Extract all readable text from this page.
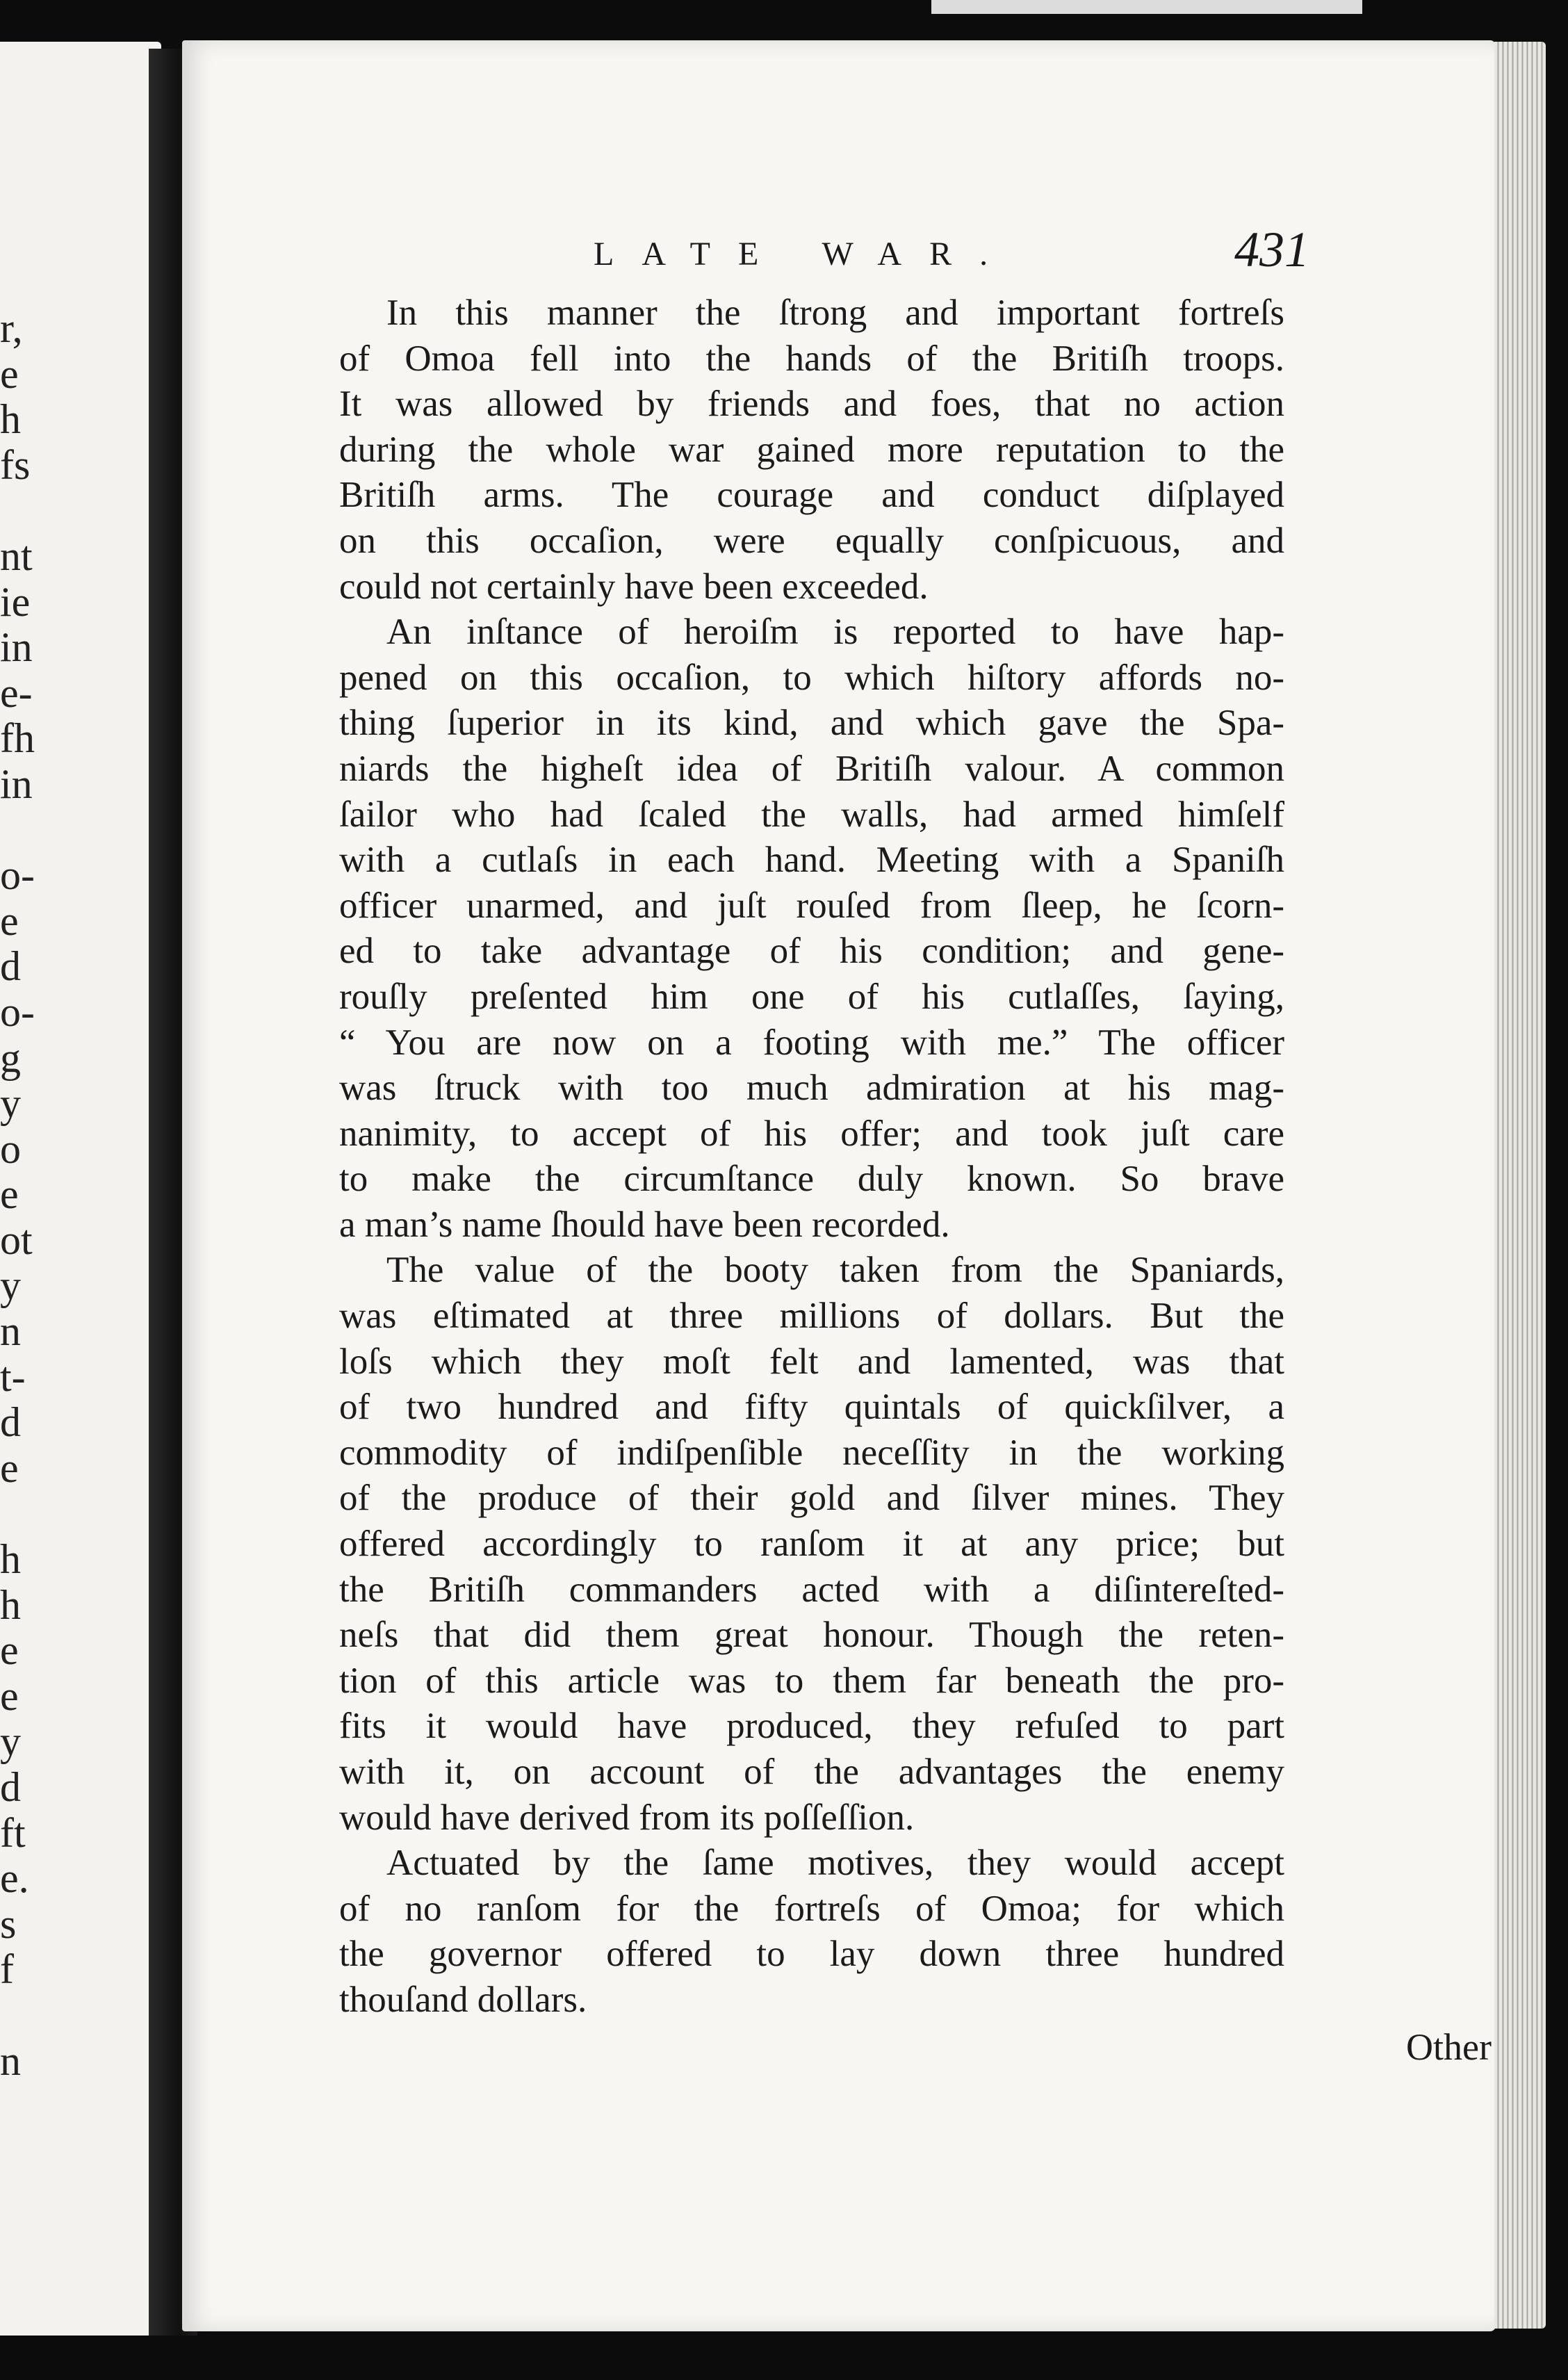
r,
e
h
fs
nt
ie
in
e-
fh
in
o-
e
d
o-
g
y
o
e
ot
y
n
t-
d
e
h
h
e
e
y
d
ft
e.
s
f
n
LATE WAR.	431
In this manner the ſtrong and important fortreſs
of Omoa fell into the hands of the Britiſh troops.
It was allowed by friends and foes, that no action
during the whole war gained more reputation to the
Britiſh arms. The courage and conduct diſplayed
on this occaſion, were equally conſpicuous, and
could not certainly have been exceeded.
An inſtance of heroiſm is reported to have hap-
pened on this occaſion, to which hiſtory affords no-
thing ſuperior in its kind, and which gave the Spa-
niards the higheſt idea of Britiſh valour. A common
ſailor who had ſcaled the walls, had armed himſelf
with a cutlaſs in each hand. Meeting with a Spaniſh
officer unarmed, and juſt rouſed from ſleep, he ſcorn-
ed to take advantage of his condition; and gene-
rouſly preſented him one of his cutlaſſes, ſaying,
“ You are now on a footing with me.” The officer
was ſtruck with too much admiration at his mag-
nanimity, to accept of his offer; and took juſt care
to make the circumſtance duly known. So brave
a man’s name ſhould have been recorded.
The value of the booty taken from the Spaniards,
was eſtimated at three millions of dollars. But the
loſs which they moſt felt and lamented, was that
of two hundred and fifty quintals of quickſilver, a
commodity of indiſpenſible neceſſity in the working
of the produce of their gold and ſilver mines. They
offered accordingly to ranſom it at any price; but
the Britiſh commanders acted with a diſintereſted-
neſs that did them great honour. Though the reten-
tion of this article was to them far beneath the pro-
fits it would have produced, they refuſed to part
with it, on account of the advantages the enemy
would have derived from its poſſeſſion.
Actuated by the ſame motives, they would accept
of no ranſom for the fortreſs of Omoa; for which
the governor offered to lay down three hundred
thouſand dollars.
Other
